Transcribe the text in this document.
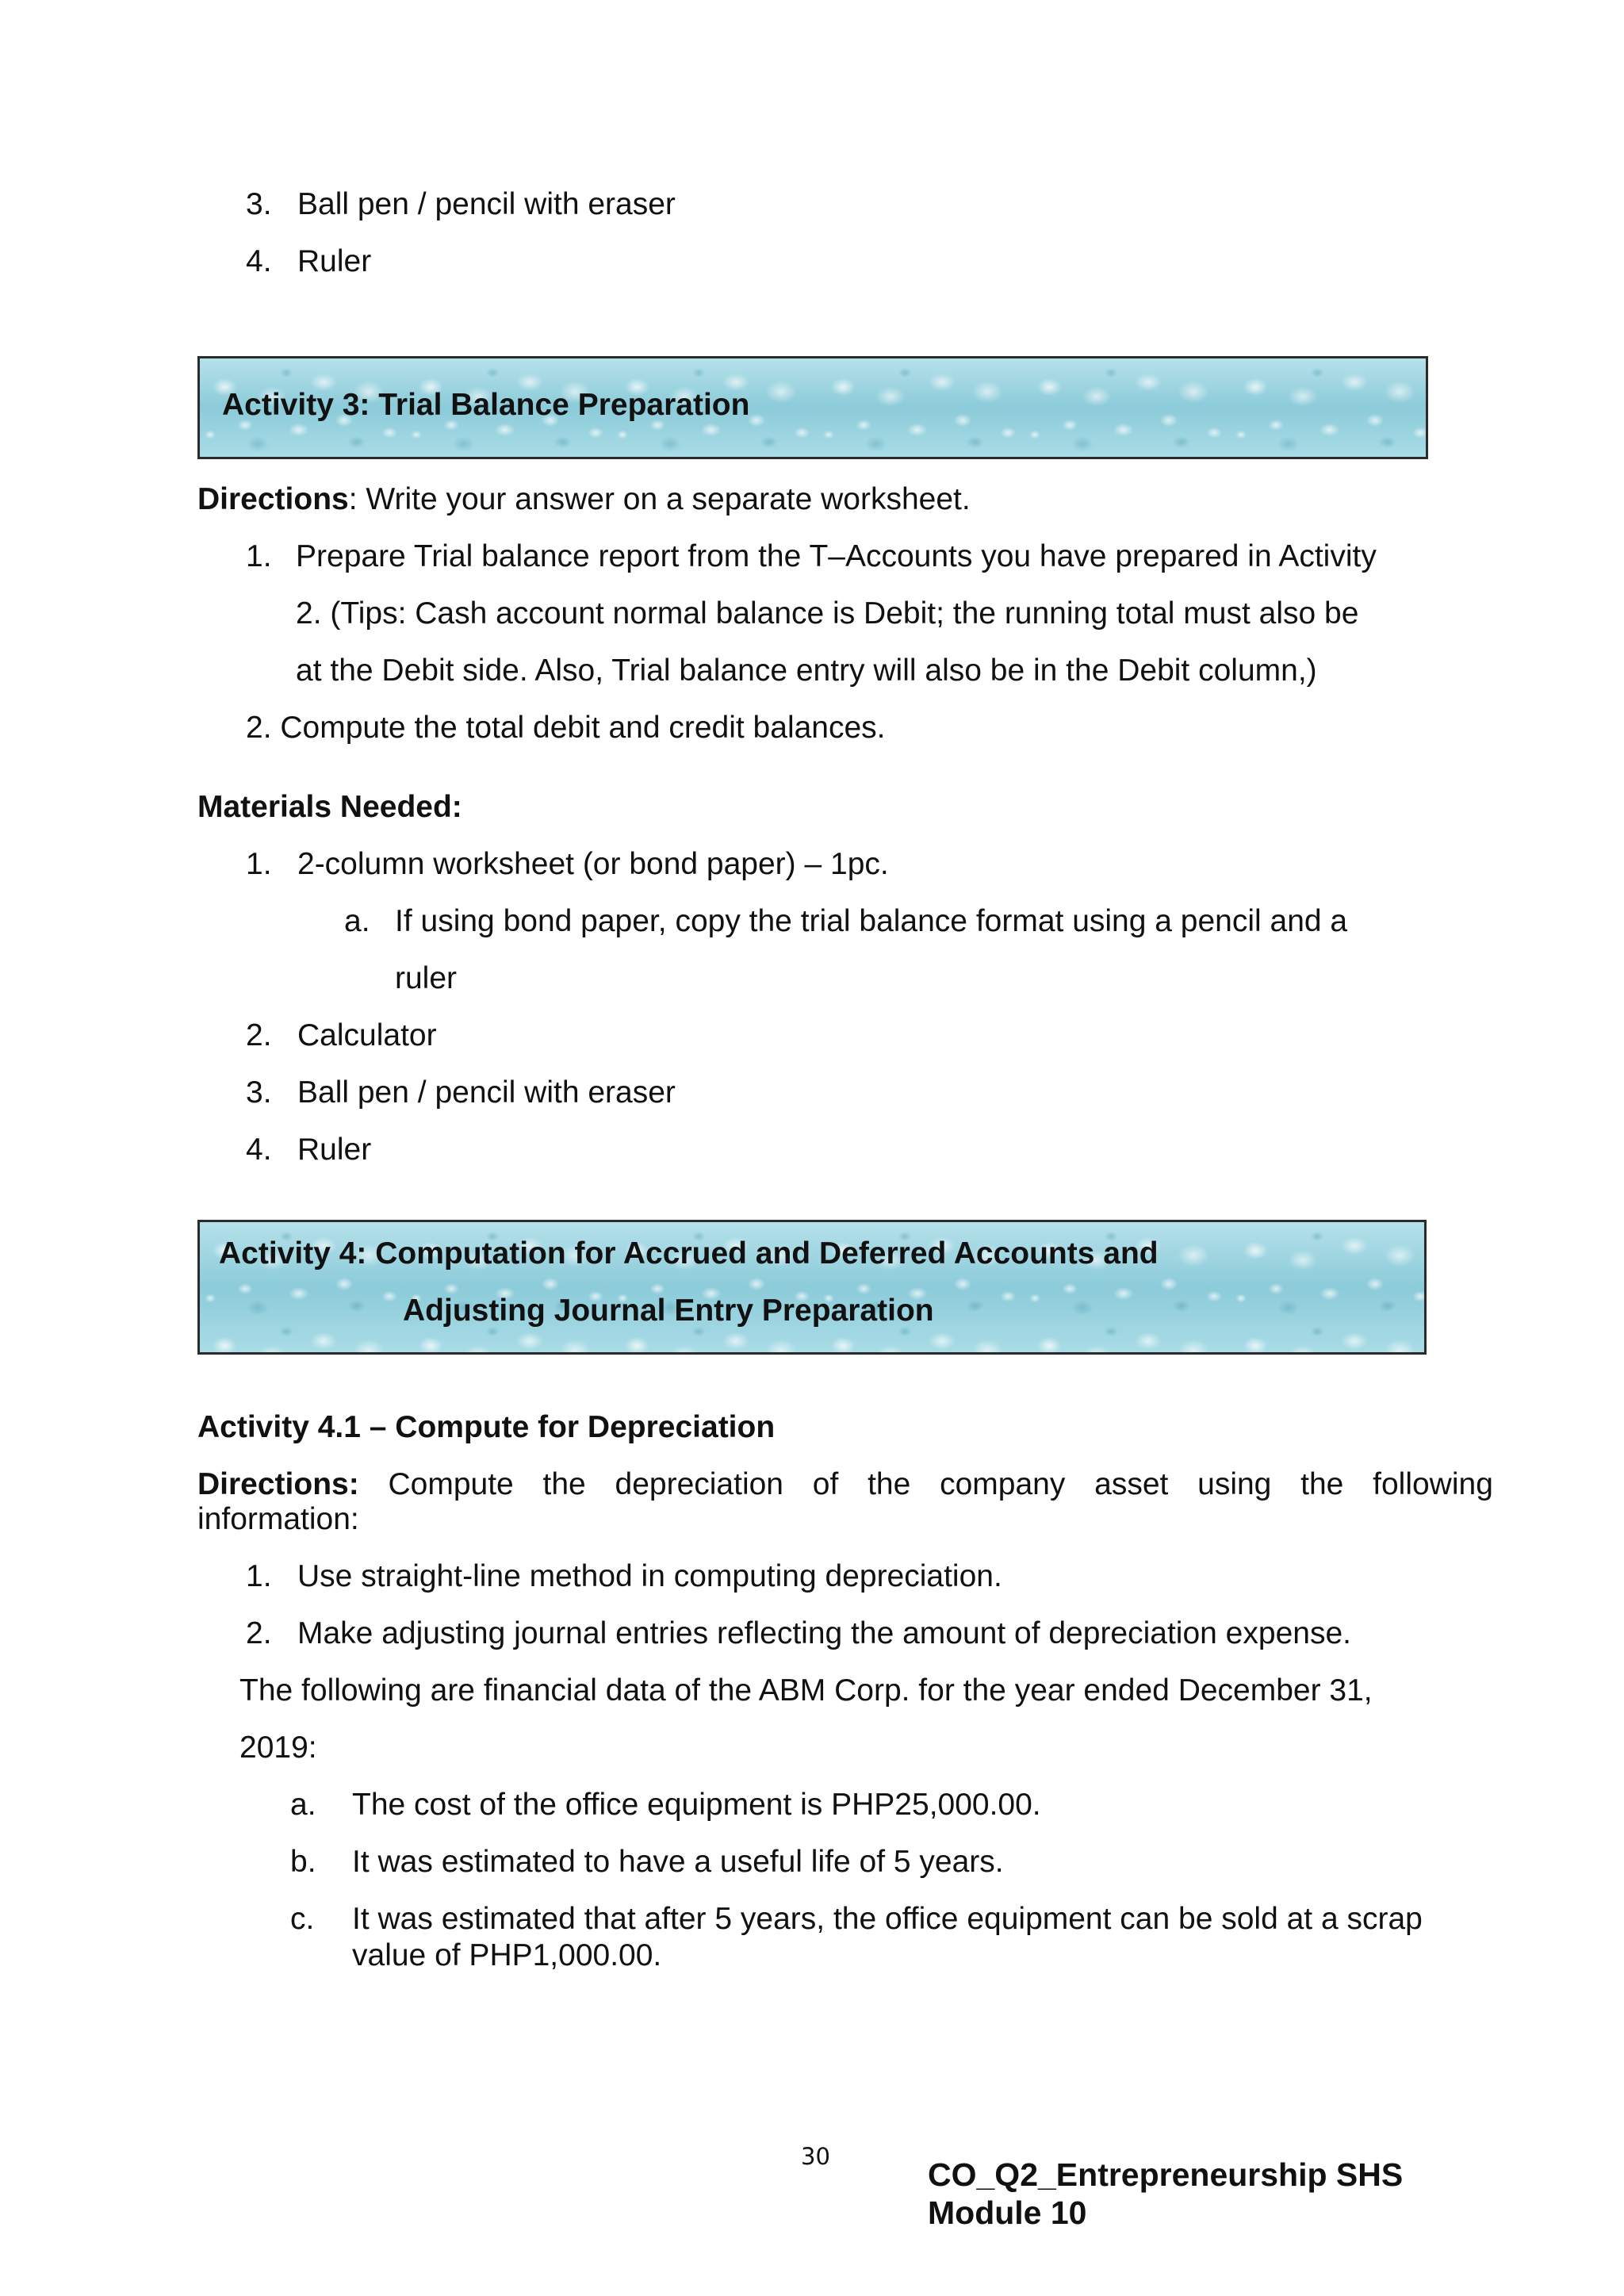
3. Ball pen / pencil with eraser
4. Ruler
Activity 3: Trial Balance Preparation
Directions: Write your answer on a separate worksheet.
1. Prepare Trial balance report from the T–Accounts you have prepared in Activity
2. (Tips: Cash account normal balance is Debit; the running total must also be
at the Debit side. Also, Trial balance entry will also be in the Debit column,)
2. Compute the total debit and credit balances.
Materials Needed:
1. 2-column worksheet (or bond paper) – 1pc.
a. If using bond paper, copy the trial balance format using a pencil and a
ruler
2. Calculator
3. Ball pen / pencil with eraser
4. Ruler
Activity 4: Computation for Accrued and Deferred Accounts and
Adjusting Journal Entry Preparation
Activity 4.1 – Compute for Depreciation
Directions: Compute the depreciation of the company asset using the following
information:
1. Use straight-line method in computing depreciation.
2. Make adjusting journal entries reflecting the amount of depreciation expense.
The following are financial data of the ABM Corp. for the year ended December 31,
2019:
a. The cost of the office equipment is PHP25,000.00.
b. It was estimated to have a useful life of 5 years.
c. It was estimated that after 5 years, the office equipment can be sold at a scrap
value of PHP1,000.00.
30	CO_Q2_Entrepreneurship SHS
Module 10
